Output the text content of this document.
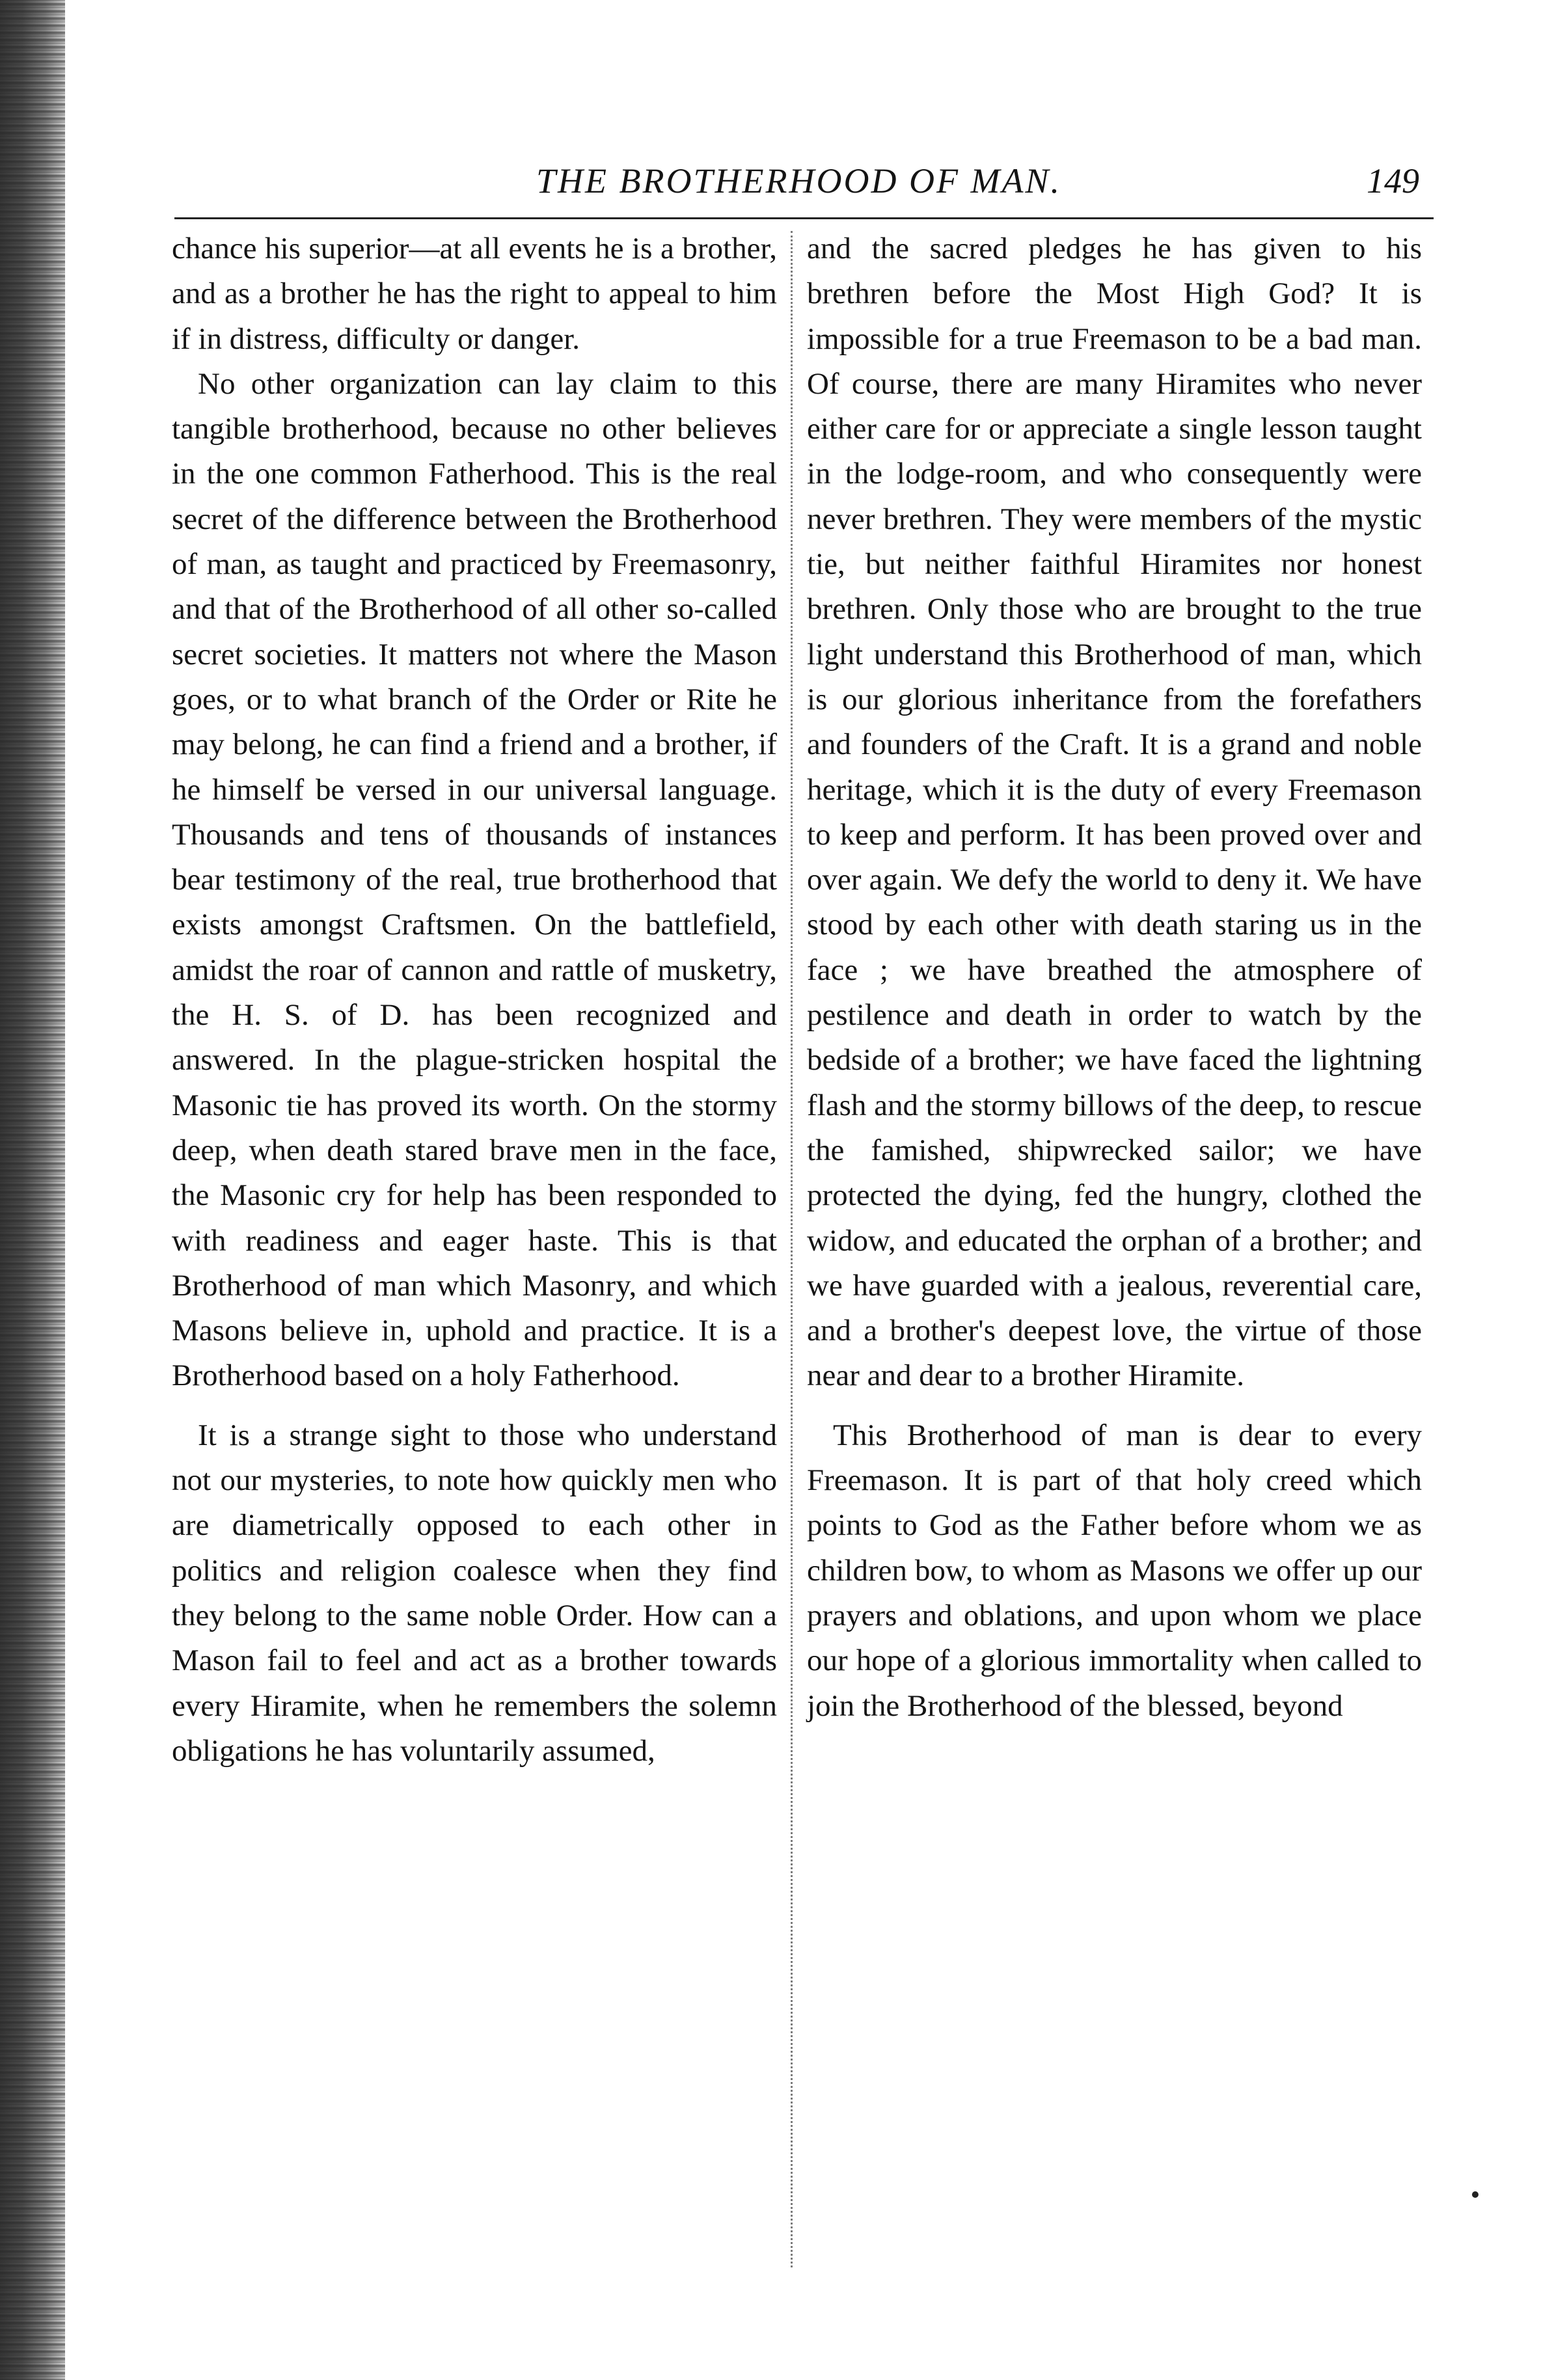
THE BROTHERHOOD OF MAN.	149

chance his superior—at all events he is a brother, and as a brother he has the right to appeal to him if in distress, difficulty or danger.

No other organization can lay claim to this tangible brotherhood, because no other believes in the one common Fatherhood. This is the real secret of the difference between the Brotherhood of man, as taught and practiced by Freemasonry, and that of the Brotherhood of all other so-called secret societies. It matters not where the Mason goes, or to what branch of the Order or Rite he may belong, he can find a friend and a brother, if he himself be versed in our universal language. Thousands and tens of thousands of instances bear testimony of the real, true brotherhood that exists amongst Craftsmen. On the battlefield, amidst the roar of cannon and rattle of musketry, the H. S. of D. has been recognized and answered. In the plague-stricken hospital the Masonic tie has proved its worth. On the stormy deep, when death stared brave men in the face, the Masonic cry for help has been responded to with readiness and eager haste. This is that Brotherhood of man which Masonry, and which Masons believe in, uphold and practice. It is a Brotherhood based on a holy Fatherhood.

It is a strange sight to those who understand not our mysteries, to note how quickly men who are diametrically opposed to each other in politics and religion coalesce when they find they belong to the same noble Order. How can a Mason fail to feel and act as a brother towards every Hiramite, when he remembers the solemn obligations he has voluntarily assumed,

and the sacred pledges he has given to his brethren before the Most High God? It is impossible for a true Freemason to be a bad man. Of course, there are many Hiramites who never either care for or appreciate a single lesson taught in the lodge-room, and who consequently were never brethren. They were members of the mystic tie, but neither faithful Hiramites nor honest brethren. Only those who are brought to the true light understand this Brotherhood of man, which is our glorious inheritance from the forefathers and founders of the Craft. It is a grand and noble heritage, which it is the duty of every Freemason to keep and perform. It has been proved over and over again. We defy the world to deny it. We have stood by each other with death staring us in the face ; we have breathed the atmosphere of pestilence and death in order to watch by the bedside of a brother; we have faced the lightning flash and the stormy billows of the deep, to rescue the famished, shipwrecked sailor; we have protected the dying, fed the hungry, clothed the widow, and educated the orphan of a brother; and we have guarded with a jealous, reverential care, and a brother's deepest love, the virtue of those near and dear to a brother Hiramite.

This Brotherhood of man is dear to every Freemason. It is part of that holy creed which points to God as the Father before whom we as children bow, to whom as Masons we offer up our prayers and oblations, and upon whom we place our hope of a glorious immortality when called to join the Brotherhood of the blessed, beyond
